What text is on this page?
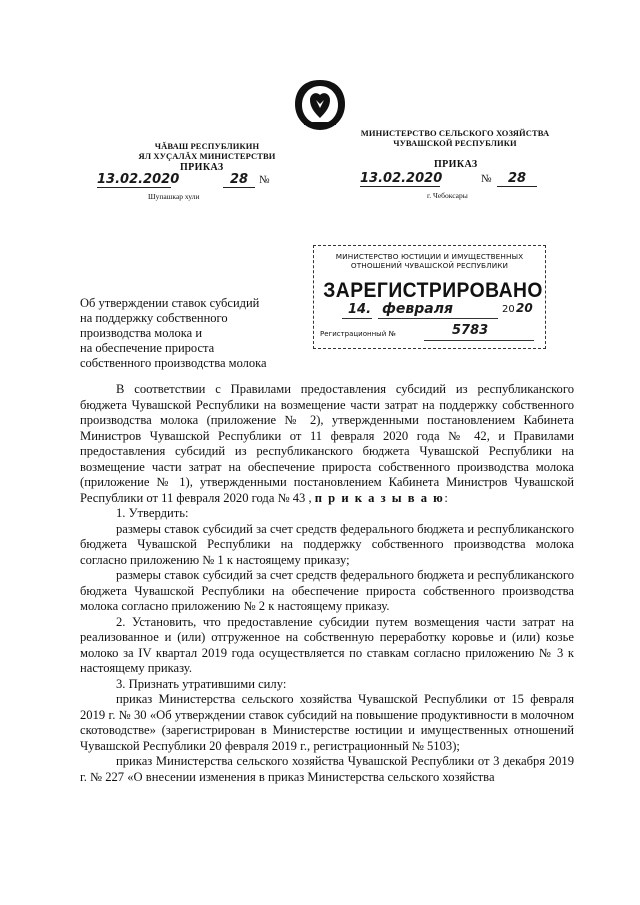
ЧĂВАШ РЕСПУБЛИКИН
ЯЛ ХУÇАЛĂХ МИНИСТЕРСТВИ
ПРИКАЗ
13.02.2020	28 №
Шупашкар хули
МИНИСТЕРСТВО СЕЛЬСКОГО ХОЗЯЙСТВА
ЧУВАШСКОЙ РЕСПУБЛИКИ
ПРИКАЗ
13.02.2020	№	28
г. Чебоксары
МИНИСТЕРСТВО ЮСТИЦИИ И ИМУЩЕСТВЕННЫХ
ОТНОШЕНИЙ ЧУВАШСКОЙ РЕСПУБЛИКИ
ЗАРЕГИСТРИРОВАНО
14. февраля	20 20
Регистрационный №	5783
Об утверждении ставок субсидий
на поддержку собственного
производства молока и
на обеспечение прироста
собственного производства молока

В соответствии с Правилами предоставления субсидий из республиканского бюджета Чувашской Республики на возмещение части затрат на поддержку собственного производства молока (приложение № 2), утвержденными постановлением Кабинета Министров Чувашской Республики от 11 февраля 2020 года № 42, и Правилами предоставления субсидий из республиканского бюджета Чувашской Республики на возмещение части затрат на обеспечение прироста собственного производства молока (приложение № 1), утвержденными постановлением Кабинета Министров Чувашской Республики от 11 февраля 2020 года № 43 , п р и к а з ы в а ю:

1. Утвердить:

размеры ставок субсидий за счет средств федерального бюджета и республиканского бюджета Чувашской Республики на поддержку собственного производства молока согласно приложению № 1 к настоящему приказу;

размеры ставок субсидий за счет средств федерального бюджета и республиканского бюджета Чувашской Республики на обеспечение прироста собственного производства молока согласно приложению № 2 к настоящему приказу.

2. Установить, что предоставление субсидии путем возмещения части затрат на реализованное и (или) отгруженное на собственную переработку коровье и (или) козье молоко за IV квартал 2019 года осуществляется по ставкам согласно приложению № 3 к настоящему приказу.

3. Признать утратившими силу:

приказ Министерства сельского хозяйства Чувашской Республики от 15 февраля 2019 г. № 30 «Об утверждении ставок субсидий на повышение продуктивности в молочном скотоводстве» (зарегистрирован в Министерстве юстиции и имущественных отношений Чувашской Республики 20 февраля 2019 г., регистрационный № 5103);

приказ Министерства сельского хозяйства Чувашской Республики от 3 декабря 2019 г. № 227 «О внесении изменения в приказ Министерства сельского хозяйства
